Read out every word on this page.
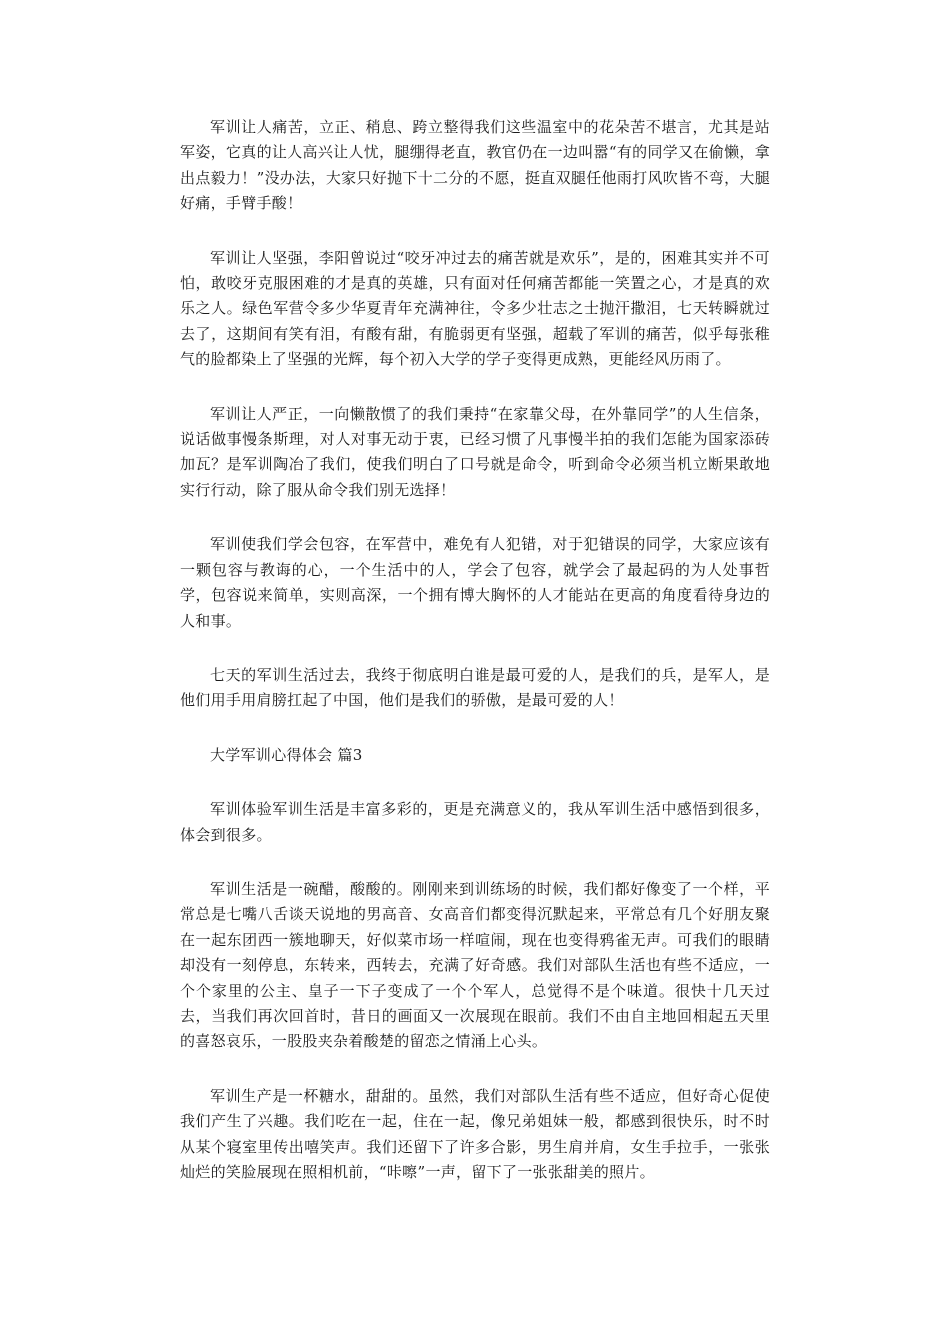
军训让人痛苦，立正、稍息、跨立整得我们这些温室中的花朵苦不堪言，尤其是站军姿，它真的让人高兴让人忧，腿绷得老直，教官仍在一边叫嚣“有的同学又在偷懒，拿出点毅力！”没办法，大家只好抛下十二分的不愿，挺直双腿任他雨打风吹皆不弯，大腿好痛，手臂手酸！

军训让人坚强，李阳曾说过“咬牙冲过去的痛苦就是欢乐”，是的，困难其实并不可怕，敢咬牙克服困难的才是真的英雄，只有面对任何痛苦都能一笑置之心，才是真的欢乐之人。绿色军营令多少华夏青年充满神往，令多少壮志之士抛汗撒泪，七天转瞬就过去了，这期间有笑有泪，有酸有甜，有脆弱更有坚强，超载了军训的痛苦，似乎每张稚气的脸都染上了坚强的光辉，每个初入大学的学子变得更成熟，更能经风历雨了。

军训让人严正，一向懒散惯了的我们秉持“在家靠父母，在外靠同学”的人生信条，说话做事慢条斯理，对人对事无动于衷，已经习惯了凡事慢半拍的我们怎能为国家添砖加瓦？是军训陶冶了我们，使我们明白了口号就是命令，听到命令必须当机立断果敢地实行行动，除了服从命令我们别无选择！

军训使我们学会包容，在军营中，难免有人犯错，对于犯错误的同学，大家应该有一颗包容与教诲的心，一个生活中的人，学会了包容，就学会了最起码的为人处事哲学，包容说来简单，实则高深，一个拥有博大胸怀的人才能站在更高的角度看待身边的人和事。

七天的军训生活过去，我终于彻底明白谁是最可爱的人，是我们的兵，是军人，是他们用手用肩膀扛起了中国，他们是我们的骄傲，是最可爱的人！

大学军训心得体会 篇3

军训体验军训生活是丰富多彩的，更是充满意义的，我从军训生活中感悟到很多，体会到很多。

军训生活是一碗醋，酸酸的。刚刚来到训练场的时候，我们都好像变了一个样，平常总是七嘴八舌谈天说地的男高音、女高音们都变得沉默起来，平常总有几个好朋友聚在一起东团西一簇地聊天，好似菜市场一样喧闹，现在也变得鸦雀无声。可我们的眼睛却没有一刻停息，东转来，西转去，充满了好奇感。我们对部队生活也有些不适应，一个个家里的公主、皇子一下子变成了一个个军人，总觉得不是个味道。很快十几天过去，当我们再次回首时，昔日的画面又一次展现在眼前。我们不由自主地回相起五天里的喜怒哀乐，一股股夹杂着酸楚的留恋之情涌上心头。

军训生产是一杯糖水，甜甜的。虽然，我们对部队生活有些不适应，但好奇心促使我们产生了兴趣。我们吃在一起，住在一起，像兄弟姐妹一般，都感到很快乐，时不时从某个寝室里传出嘻笑声。我们还留下了许多合影，男生肩并肩，女生手拉手，一张张灿烂的笑脸展现在照相机前，“咔嚓”一声，留下了一张张甜美的照片。
